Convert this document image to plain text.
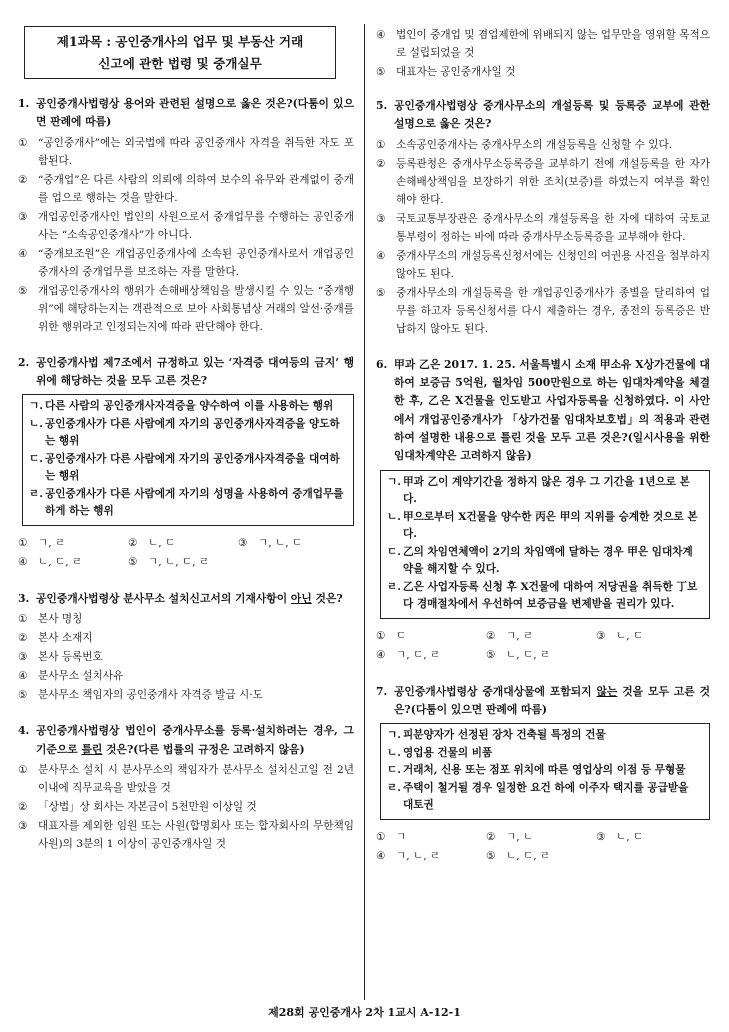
제1과목 : 공인중개사의 업무 및 부동산 거래
신고에 관한 법령 및 중개실무
1. 공인중개사법령상 용어와 관련된 설명으로 옳은 것은?(다툼이 있으면 판례에 따름)
① “공인중개사”에는 외국법에 따라 공인중개사 자격을 취득한 자도 포함된다.
② “중개업”은 다른 사람의 의뢰에 의하여 보수의 유무와 관계없이 중개를 업으로 행하는 것을 말한다.
③ 개업공인중개사인 법인의 사원으로서 중개업무를 수행하는 공인중개사는 “소속공인중개사”가 아니다.
④ “중개보조원”은 개업공인중개사에 소속된 공인중개사로서 개업공인중개사의 중개업무를 보조하는 자를 말한다.
⑤ 개업공인중개사의 행위가 손해배상책임을 발생시킬 수 있는 “중개행위”에 해당하는지는 객관적으로 보아 사회통념상 거래의 알선·중개를 위한 행위라고 인정되는지에 따라 판단해야 한다.
2. 공인중개사법 제7조에서 규정하고 있는 ‘자격증 대여등의 금지’ 행위에 해당하는 것을 모두 고른 것은?
ㄱ. 다른 사람의 공인중개사자격증을 양수하여 이를 사용하는 행위
ㄴ. 공인중개사가 다른 사람에게 자기의 공인중개사자격증을 양도하는 행위
ㄷ. 공인중개사가 다른 사람에게 자기의 공인중개사자격증을 대여하는 행위
ㄹ. 공인중개사가 다른 사람에게 자기의 성명을 사용하여 중개업무를 하게 하는 행위
① ㄱ, ㄹ	② ㄴ, ㄷ	③ ㄱ, ㄴ, ㄷ
④ ㄴ, ㄷ, ㄹ	⑤ ㄱ, ㄴ, ㄷ, ㄹ
3. 공인중개사법령상 분사무소 설치신고서의 기재사항이 아닌 것은?
① 본사 명칭
② 본사 소재지
③ 본사 등록번호
④ 분사무소 설치사유
⑤ 분사무소 책임자의 공인중개사 자격증 발급 시·도
4. 공인중개사법령상 법인이 중개사무소를 등록·설치하려는 경우, 그 기준으로 틀린 것은?(다른 법률의 규정은 고려하지 않음)
① 분사무소 설치 시 분사무소의 책임자가 분사무소 설치신고일 전 2년 이내에 직무교육을 받았을 것
② 「상법」상 회사는 자본금이 5천만원 이상일 것
③ 대표자를 제외한 임원 또는 사원(합명회사 또는 합자회사의 무한책임사원)의 3분의 1 이상이 공인중개사일 것
④ 법인이 중개업 및 겸업제한에 위배되지 않는 업무만을 영위할 목적으로 설립되었을 것
⑤ 대표자는 공인중개사일 것
5. 공인중개사법령상 중개사무소의 개설등록 및 등록증 교부에 관한 설명으로 옳은 것은?
① 소속공인중개사는 중개사무소의 개설등록을 신청할 수 있다.
② 등록관청은 중개사무소등록증을 교부하기 전에 개설등록을 한 자가 손해배상책임을 보장하기 위한 조치(보증)를 하였는지 여부를 확인해야 한다.
③ 국토교통부장관은 중개사무소의 개설등록을 한 자에 대하여 국토교통부령이 정하는 바에 따라 중개사무소등록증을 교부해야 한다.
④ 중개사무소의 개설등록신청서에는 신청인의 여권용 사진을 첨부하지 않아도 된다.
⑤ 중개사무소의 개설등록을 한 개업공인중개사가 종별을 달리하여 업무를 하고자 등록신청서를 다시 제출하는 경우, 종전의 등록증은 반납하지 않아도 된다.
6. 甲과 乙은 2017. 1. 25. 서울특별시 소재 甲소유 X상가건물에 대하여 보증금 5억원, 월차임 500만원으로 하는 임대차계약을 체결한 후, 乙은 X건물을 인도받고 사업자등록을 신청하였다. 이 사안에서 개업공인중개사가 「상가건물 임대차보호법」의 적용과 관련하여 설명한 내용으로 틀린 것을 모두 고른 것은?(일시사용을 위한 임대차계약은 고려하지 않음)
ㄱ. 甲과 乙이 계약기간을 정하지 않은 경우 그 기간을 1년으로 본다.
ㄴ. 甲으로부터 X건물을 양수한 丙은 甲의 지위를 승계한 것으로 본다.
ㄷ. 乙의 차임연체액이 2기의 차임액에 달하는 경우 甲은 임대차계약을 해지할 수 있다.
ㄹ. 乙은 사업자등록 신청 후 X건물에 대하여 저당권을 취득한 丁보다 경매절차에서 우선하여 보증금을 변제받을 권리가 있다.
① ㄷ	② ㄱ, ㄹ	③ ㄴ, ㄷ
④ ㄱ, ㄷ, ㄹ	⑤ ㄴ, ㄷ, ㄹ
7. 공인중개사법령상 중개대상물에 포함되지 않는 것을 모두 고른 것은?(다툼이 있으면 판례에 따름)
ㄱ. 피분양자가 선정된 장차 건축될 특정의 건물
ㄴ. 영업용 건물의 비품
ㄷ. 거래처, 신용 또는 점포 위치에 따른 영업상의 이점 등 무형물
ㄹ. 주택이 철거될 경우 일정한 요건 하에 이주자 택지를 공급받을 대토권
① ㄱ	② ㄱ, ㄴ	③ ㄴ, ㄷ
④ ㄱ, ㄴ, ㄹ	⑤ ㄴ, ㄷ, ㄹ
제28회 공인중개사 2차 1교시 A-12-1
